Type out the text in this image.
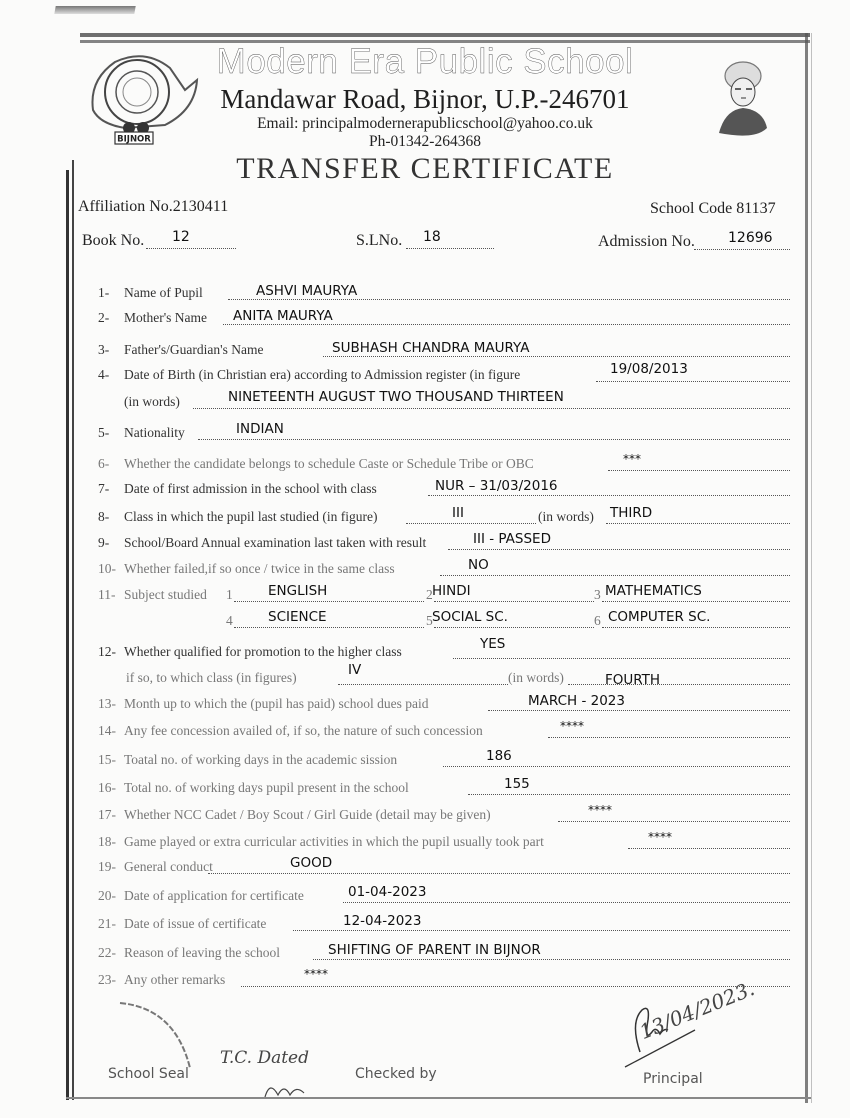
BIJNOR
Modern Era Public School
Mandawar Road, Bijnor, U.P.-246701
Email: principalmodernerapublicschool@yahoo.co.uk
Ph-01342-264368
TRANSFER CERTIFICATE
Affiliation No.2130411	School Code 81137
Book No. 12	S.LNo. 18	Admission No. 12696
1- Name of Pupil	ASHVI MAURYA
2- Mother's Name ANITA MAURYA
3- Father's/Guardian's Name	SUBHASH CHANDRA MAURYA
4- Date of Birth (in Christian era) according to Admission register (in figure	19/08/2013
(in words)	NINETEENTH AUGUST TWO THOUSAND THIRTEEN
5- Nationality	INDIAN
6- Whether the candidate belongs to schedule Caste or Schedule Tribe or OBC	***
7- Date of first admission in the school with class	NUR – 31/03/2016
8- Class in which the pupil last studied (in figure)	III	(in words) THIRD
9- School/Board Annual examination last taken with result	III - PASSED
10- Whether failed,if so once / twice in the same class	NO
11- Subject studied 1	ENGLISH	2 HINDI	3 MATHEMATICS
4	SCIENCE	5 SOCIAL SC.	6 COMPUTER SC.
12- Whether qualified for promotion to the higher class	YES
if so, to which class (in figures)	IV	(in words)	FOURTH
13- Month up to which the (pupil has paid) school dues paid	MARCH - 2023
14- Any fee concession availed of, if so, the nature of such concession	****
15- Toatal no. of working days in the academic sission	186
16- Total no. of working days pupil present in the school	155
17- Whether NCC Cadet / Boy Scout / Girl Guide (detail may be given)	****
18- Game played or extra curricular activities in which the pupil usually took part	****
19- General conduct	GOOD
20- Date of application for certificate	01-04-2023
21- Date of issue of certificate	12-04-2023
22- Reason of leaving the school	SHIFTING OF PARENT IN BIJNOR
23- Any other remarks	****
School Seal
T.C. Dated
Checked by
13/04/2023.
Principal
